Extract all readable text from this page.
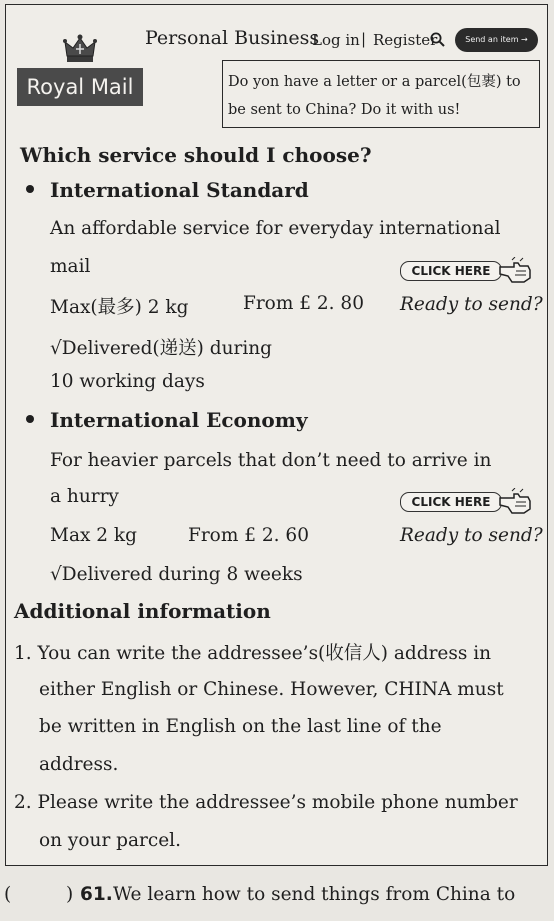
Royal Mail
Personal Business
Log in | Register	Send an item →
Do yon have a letter or a parcel(包裹) to
be sent to China? Do it with us!
Which service should I choose?
International Standard
An affordable service for everyday international
mail	CLICK HERE
Max(最多) 2 kg	From £ 2. 80 Ready to send?
√Delivered(递送) during
10 working days
International Economy
For heavier parcels that don’t need to arrive in
a hurry	CLICK HERE
Max 2 kg	From £ 2. 60	Ready to send?
√Delivered during 8 weeks
Additional information
1. You can write the addressee’s(收信人) address in
either English or Chinese. However, CHINA must
be written in English on the last line of the
address.
2. Please write the addressee’s mobile phone number
on your parcel.
(	) 61. We learn how to send things from China to
